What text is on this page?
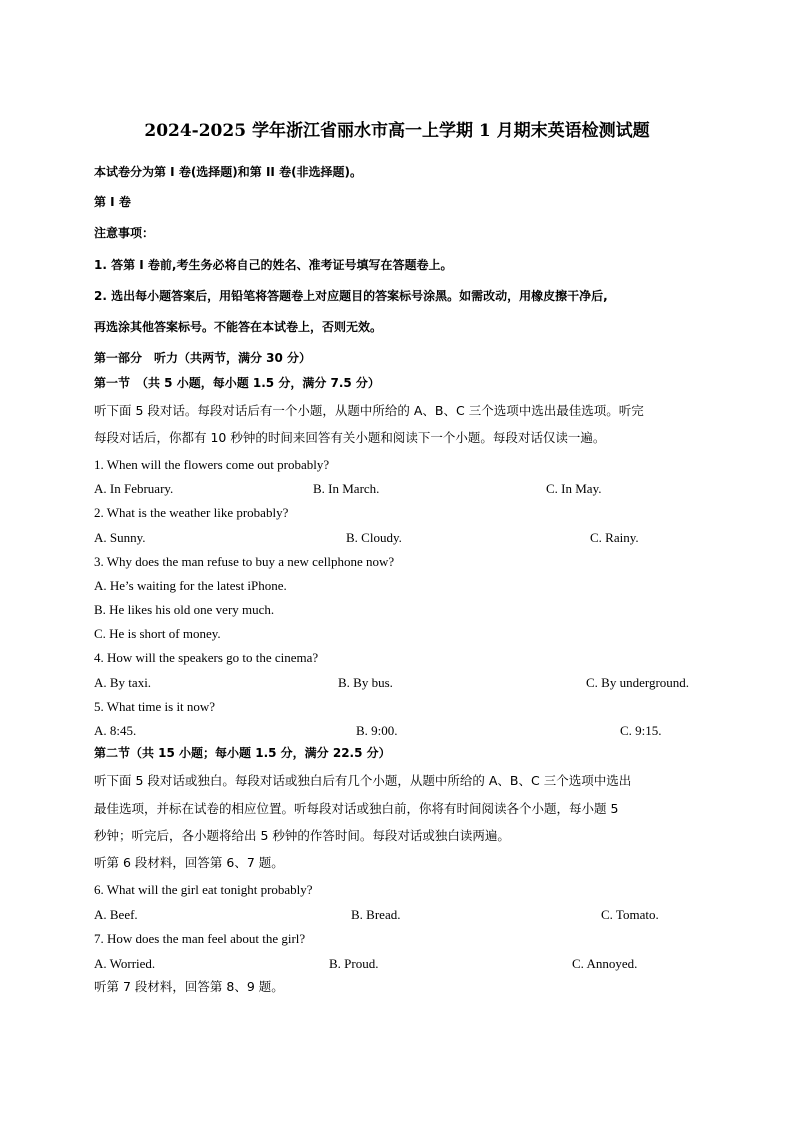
2024-2025 学年浙江省丽水市高一上学期 1 月期末英语检测试题
本试卷分为第 I 卷(选择题)和第 II 卷(非选择题)。
第 I 卷
注意事项：
1. 答第 I 卷前,考生务必将自己的姓名、准考证号填写在答题卷上。
2. 选出每小题答案后，用铅笔将答题卷上对应题目的答案标号涂黑。如需改动，用橡皮擦干净后,
再选涂其他答案标号。不能答在本试卷上，否则无效。
第一部分　听力（共两节，满分 30 分）
第一节　（共 5 小题，每小题 1.5 分，满分 7.5 分）
听下面 5 段对话。每段对话后有一个小题，从题中所给的 A、B、C 三个选项中选出最佳选项。听完
每段对话后，你都有 10 秒钟的时间来回答有关小题和阅读下一个小题。每段对话仅读一遍。
1. When will the flowers come out probably?
A. In February.	B. In March.	C. In May.
2. What is the weather like probably?
A. Sunny.	B. Cloudy.	C. Rainy.
3. Why does the man refuse to buy a new cellphone now?
A. He’s waiting for the latest iPhone.
B. He likes his old one very much.
C. He is short of money.
4. How will the speakers go to the cinema?
A. By taxi.	B. By bus.	C. By underground.
5. What time is it now?
A. 8:45.	B. 9:00.	C. 9:15.
第二节（共 15 小题；每小题 1.5 分，满分 22.5 分）
听下面 5 段对话或独白。每段对话或独白后有几个小题，从题中所给的 A、B、C 三个选项中选出
最佳选项，并标在试卷的相应位置。听每段对话或独白前，你将有时间阅读各个小题，每小题 5
秒钟；听完后，各小题将给出 5 秒钟的作答时间。每段对话或独白读两遍。
听第 6 段材料，回答第 6、7 题。
6. What will the girl eat tonight probably?
A. Beef.	B. Bread.	C. Tomato.
7. How does the man feel about the girl?
A. Worried.	B. Proud.	C. Annoyed.
听第 7 段材料，回答第 8、9 题。
